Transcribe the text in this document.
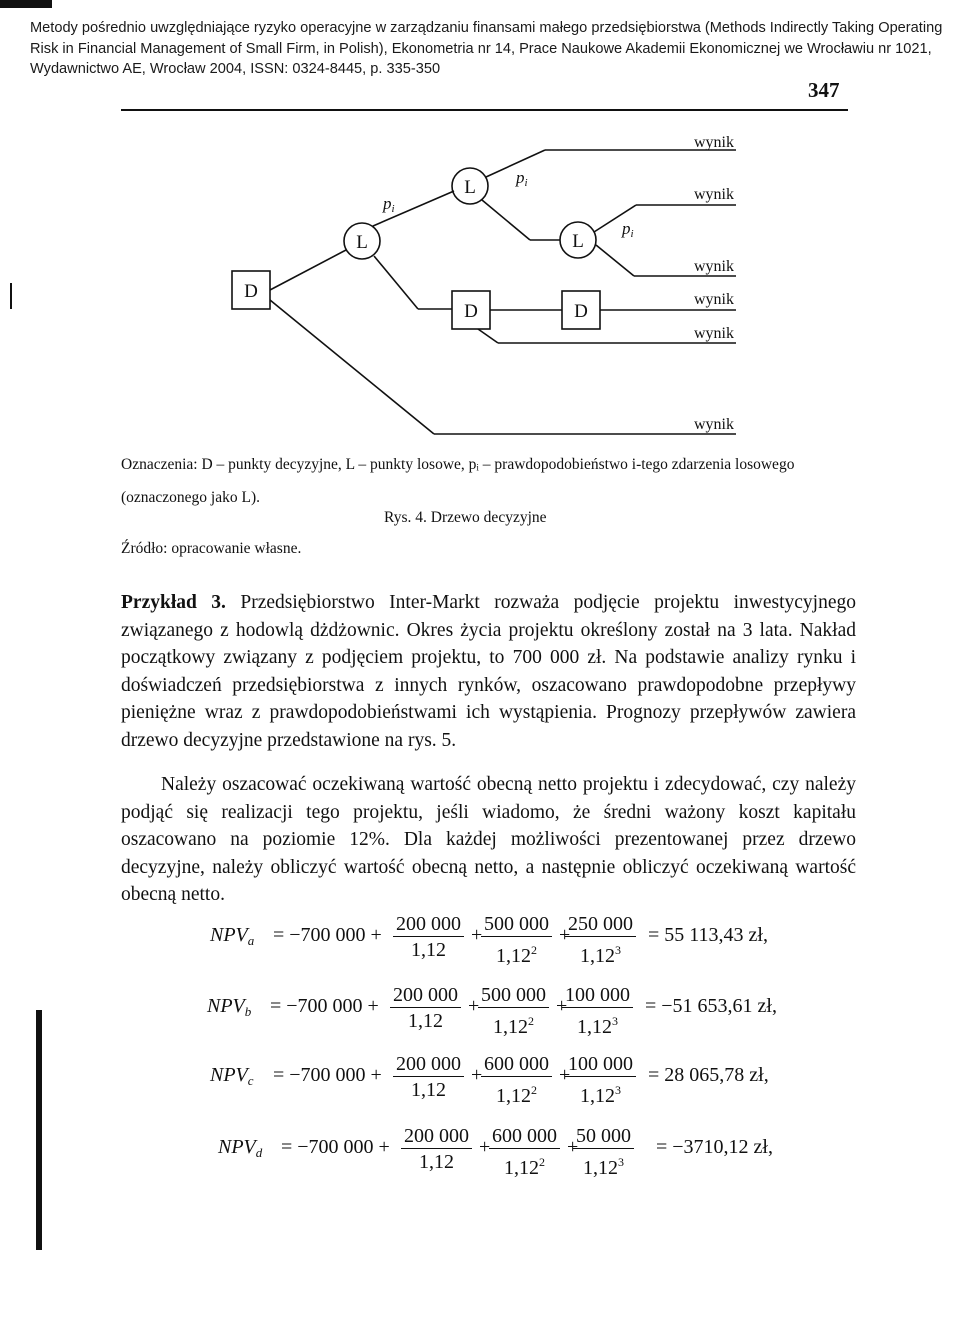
Metody pośrednio uwzględniające ryzyko operacyjne w zarządzaniu finansami małego przedsiębiorstwa (Methods Indirectly Taking Operating Risk in Financial Management of Small Firm, in Polish), Ekonometria nr 14, Prace Naukowe Akademii Ekonomicznej we Wrocławiu nr 1021, Wydawnictwo AE, Wrocław 2004, ISSN: 0324-8445, p. 335-350
347
D
L
L
L
D	D
pi
pi
pi
wynik
wynik
wynik
wynik
wynik
wynik
Oznaczenia: D – punkty decyzyjne, L – punkty losowe, pᵢ – prawdopodobieństwo i-tego zdarzenia losowego (oznaczonego jako L).
Rys. 4. Drzewo decyzyjne
Źródło: opracowanie własne.

Przykład 3. Przedsiębiorstwo Inter-Markt rozważa podjęcie projektu inwestycyjnego związanego z hodowlą dżdżownic. Okres życia projektu określony został na 3 lata. Nakład początkowy związany z podjęciem projektu, to 700 000 zł. Na podstawie analizy rynku i doświadczeń przedsiębiorstwa z innych rynków, oszacowano prawdopodobne przepływy pieniężne wraz z prawdopodobieństwami ich wystąpienia. Prognozy przepływów zawiera drzewo decyzyjne przedstawione na rys. 5.

Należy oszacować oczekiwaną wartość obecną netto projektu i zdecydować, czy należy podjąć się realizacji tego projektu, jeśli wiadomo, że średni ważony koszt kapitału oszacowano na poziomie 12%. Dla każdej możliwości prezentowanej przez drzewo decyzyjne, należy obliczyć wartość obecną netto, a następnie obliczyć oczekiwaną wartość obecną netto.

$NPV_a = -700$ $000 + \frac{200 000}{1,12}$ +
$\frac{500 000}{1,12^2}$ +
$\frac{250 000}{1,12^3} = 55$ 113,43 zł,
$NPV_b = -700$ $000 + \frac{200 000}{1,12}$ +
$\frac{500 000}{1,12^2}$ +
$\frac{100 000}{1,12^3} = -51$ 653,61 zł,
$NPV_c = -700$ $000 + \frac{200 000}{1,12}$ +
$\frac{600 000}{1,12^2}$ +
$\frac{100 000}{1,12^3} = 28$ 065,78 zł,
$NPV_d = -700$ $000 + \frac{200 000}{1,12}$ +
$\frac{600 000}{1,12^2}$ +
$\frac{50 000}{1,12^3} = -3710,12$ zł,
